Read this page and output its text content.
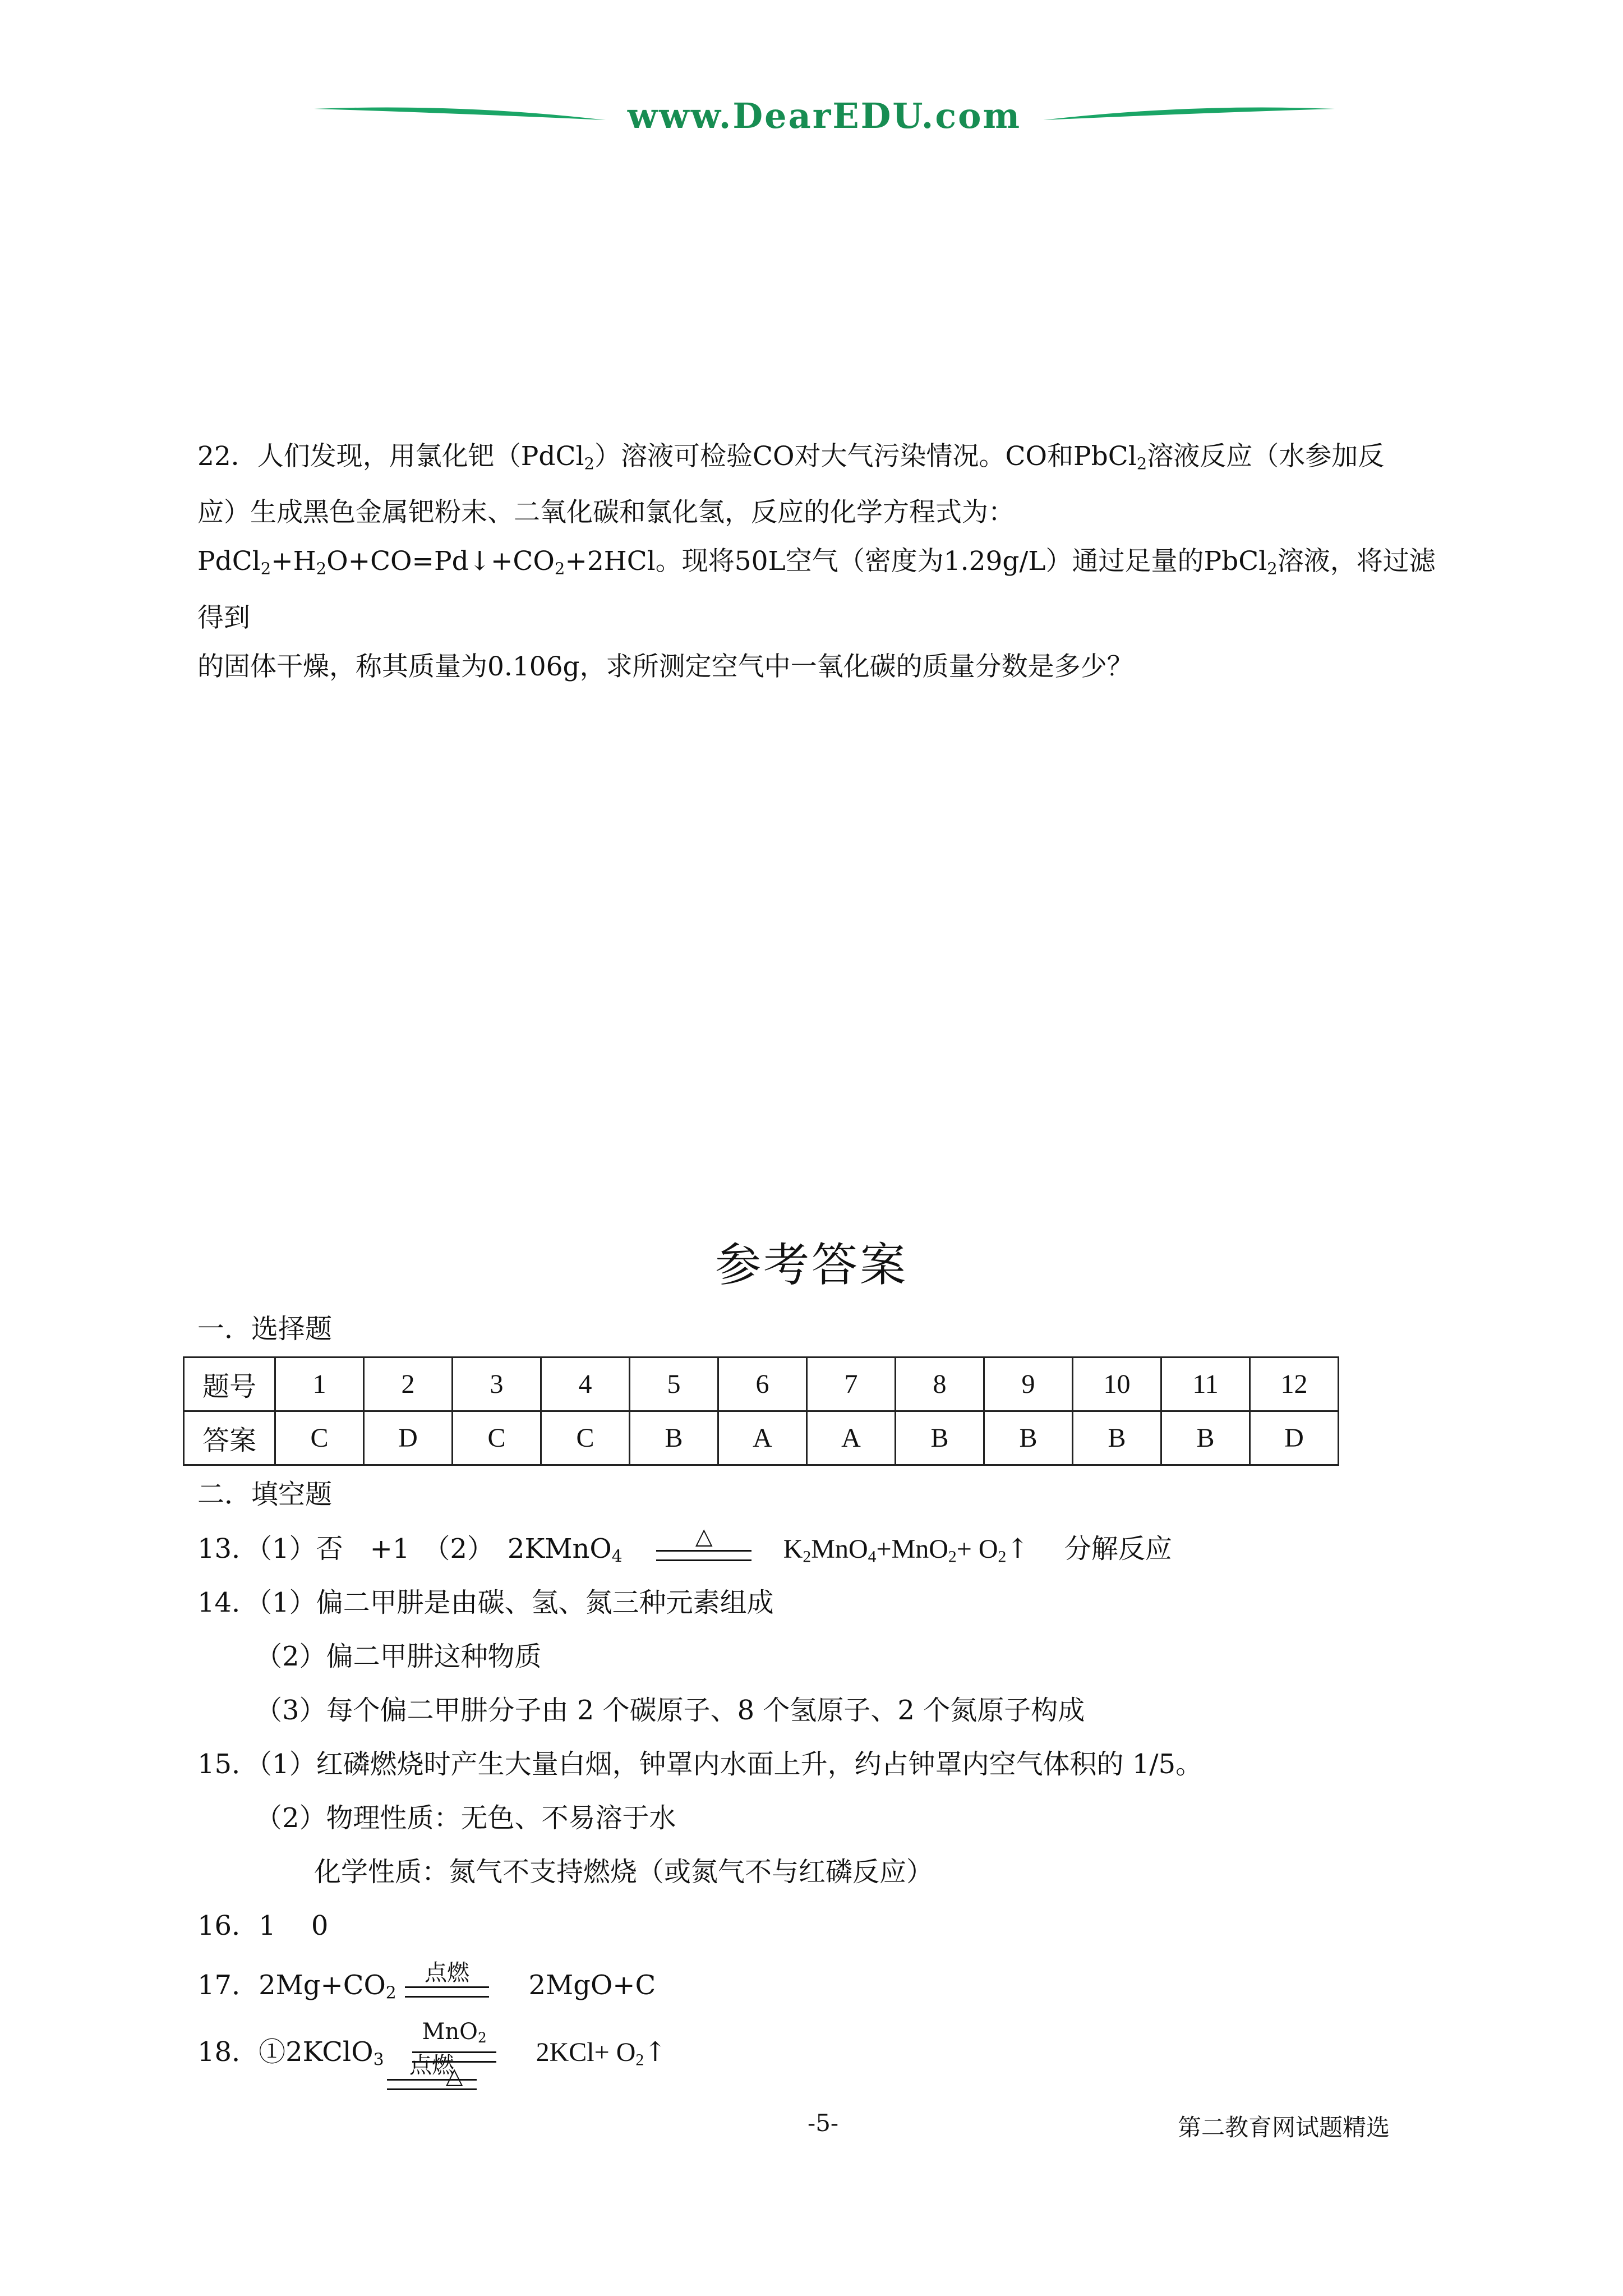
www.DearEDU.com

22．人们发现，用氯化钯（PdCl$_2$）溶液可检验CO对大气污染情况。CO和PbCl$_2$溶液反应（水参加反

应）生成黑色金属钯粉末、二氧化碳和氯化氢，反应的化学方程式为：

$PdCl_2+H_2O+CO=Pd↓+CO_2+2HCl$。现将50L空气（密度为1.29g/L）通过足量的PbCl$_2$溶液，将过滤得到

的固体干燥，称其质量为0.106g，求所测定空气中一氧化碳的质量分数是多少？

参考答案
一．选择题
题号	1	2	3	4	5	6	7	8	9	10	11	12
答案	C	D	C	C	B	A	A	B	B	B	B	D
二．填空题
13．（1）否　+1　（2）　2KMnO$_4$
△	$K_2MnO_4+MnO_2+$ $O_2↑$　 分解反应
14．（1）偏二甲肼是由碳、氢、氮三种元素组成
（2）偏二甲肼这种物质
（3）每个偏二甲肼分子由 2 个碳原子、8 个氢原子、2 个氮原子构成
15．（1）红磷燃烧时产生大量白烟，钟罩内水面上升，约占钟罩内空气体积的 1/5。
（2）物理性质：无色、不易溶于水
化学性质：氮气不支持燃烧（或氮气不与红磷反应）
16．1　 0
17．$2Mg+CO_2$
点燃	2MgO+C
18．①2KClO$_3$
MnO$_2$
△
$2KCl+ O_2↑$
点燃
-5-	第二教育网试题精选
